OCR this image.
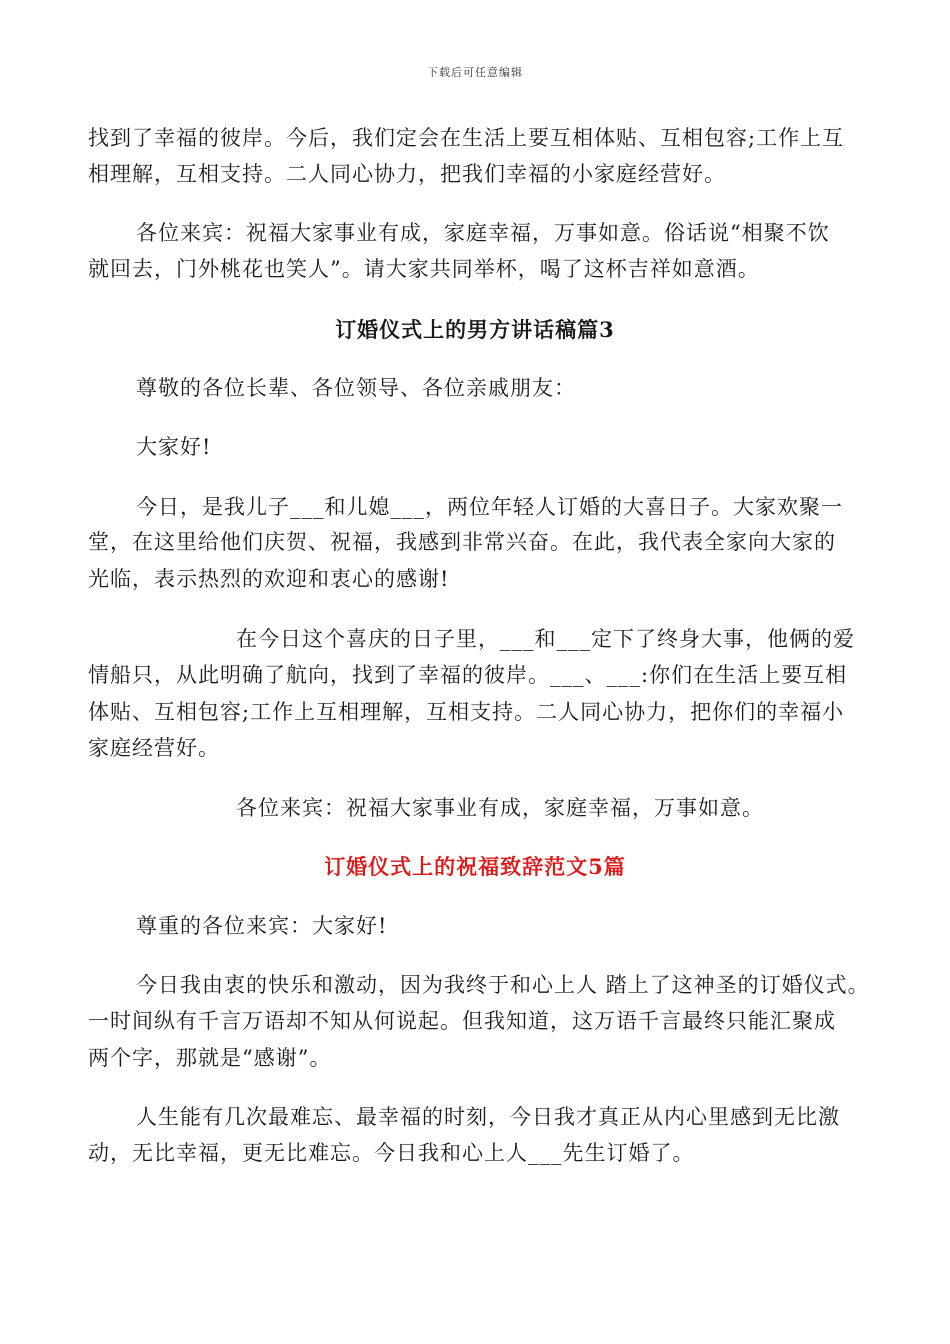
下载后可任意编辑
找到了幸福的彼岸。今后，我们定会在生活上要互相体贴、互相包容;工作上互
相理解，互相支持。二人同心协力，把我们幸福的小家庭经营好。
各位来宾：祝福大家事业有成，家庭幸福，万事如意。俗话说“相聚不饮
就回去，门外桃花也笑人”。请大家共同举杯，喝了这杯吉祥如意酒。
订婚仪式上的男方讲话稿篇3
尊敬的各位长辈、各位领导、各位亲戚朋友：
大家好!
今日，是我儿子___和儿媳___，两位年轻人订婚的大喜日子。大家欢聚一
堂，在这里给他们庆贺、祝福，我感到非常兴奋。在此，我代表全家向大家的
光临，表示热烈的欢迎和衷心的感谢!
在今日这个喜庆的日子里，___和___定下了终身大事，他俩的爱
情船只，从此明确了航向，找到了幸福的彼岸。___、___:你们在生活上要互相
体贴、互相包容;工作上互相理解，互相支持。二人同心协力，把你们的幸福小
家庭经营好。
各位来宾：祝福大家事业有成，家庭幸福，万事如意。
订婚仪式上的祝福致辞范文5篇
尊重的各位来宾：大家好!
今日我由衷的快乐和激动，因为我终于和心上人 踏上了这神圣的订婚仪式。
一时间纵有千言万语却不知从何说起。但我知道，这万语千言最终只能汇聚成
两个字，那就是“感谢”。
人生能有几次最难忘、最幸福的时刻，今日我才真正从内心里感到无比激
动，无比幸福，更无比难忘。今日我和心上人___先生订婚了。
